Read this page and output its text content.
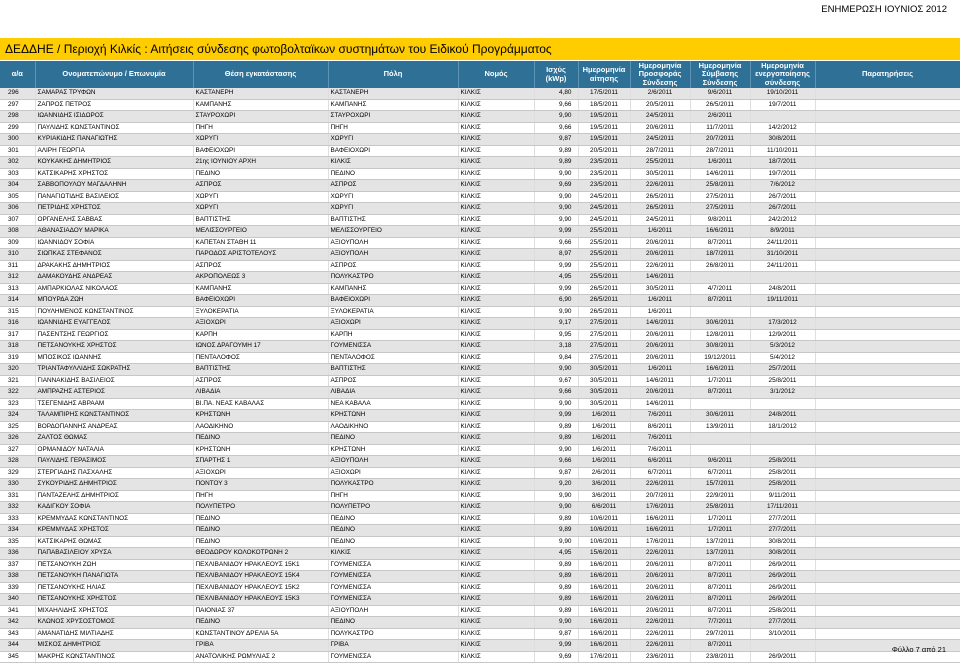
ΕΝΗΜΕΡΩΣΗ ΙΟΥΝΙΟΣ 2012
ΔΕΔΔΗΕ / Περιοχή Κιλκίς : Αιτήσεις σύνδεσης φωτοβολταϊκων συστημάτων του Ειδικού Προγράμματος
α/α	Ονοματεπώνυμο / Επωνυμία	Θέση εγκατάστασης	Πόλη	Νομός	Ισχύς (kWp)	Ημερομηνία αίτησης	Ημερομηνία Προσφοράς Σύνδεσης	Ημερομηνία Σύμβασης Σύνδεσης	Ημερομηνία ενεργοποίησης σύνδεσης	Παρατηρήσεις
296	ΣΑΜΑΡΑΣ ΤΡΥΦΩΝ	ΚΑΣΤΑΝΕΡΗ	ΚΑΣΤΑΝΕΡΗ	ΚΙΛΚΙΣ	4,80	17/5/2011	2/6/2011	9/6/2011	19/10/2011	
297	ΖΑΠΡΟΣ ΠΕΤΡΟΣ	ΚΑΜΠΑΝΗΣ	ΚΑΜΠΑΝΗΣ	ΚΙΛΚΙΣ	9,66	18/5/2011	20/5/2011	26/5/2011	19/7/2011	
298	ΙΩΑΝΝΙΔΗΣ ΙΣΙΔΩΡΟΣ	ΣΤΑΥΡΟΧΩΡΙ	ΣΤΑΥΡΟΧΩΡΙ	ΚΙΛΚΙΣ	9,90	19/5/2011	24/5/2011	2/6/2011		
299	ΠΑΥΛΙΔΗΣ ΚΩΝΣΤΑΝΤΙΝΟΣ	ΠΗΓΗ	ΠΗΓΗ	ΚΙΛΚΙΣ	9,66	19/5/2011	20/6/2011	11/7/2011	14/2/2012	
300	ΚΥΡΙΑΚΙΔΗΣ ΠΑΝΑΓΙΩΤΗΣ	ΧΩΡΥΓΙ	ΧΩΡΥΓΙ	ΚΙΛΚΙΣ	9,87	19/5/2011	24/5/2011	20/7/2011	30/8/2011	
301	ΑΛΙΡΗ ΓΕΩΡΓΙΑ	ΒΑΦΕΙΟΧΩΡΙ	ΒΑΦΕΙΟΧΩΡΙ	ΚΙΛΚΙΣ	9,89	20/5/2011	28/7/2011	28/7/2011	11/10/2011	
302	ΚΟΥΚΑΚΗΣ ΔΗΜΗΤΡΙΟΣ	21ης ΙΟΥΝΙΟΥ ΑΡΧΗ	ΚΙΛΚΙΣ	ΚΙΛΚΙΣ	9,89	23/5/2011	25/5/2011	1/6/2011	18/7/2011	
303	ΚΑΤΣΙΚΑΡΗΣ ΧΡΗΣΤΟΣ	ΠΕΔΙΝΟ	ΠΕΔΙΝΟ	ΚΙΛΚΙΣ	9,90	23/5/2011	30/5/2011	14/6/2011	19/7/2011	
304	ΣΑΒΒΟΠΟΥΛΟΥ ΜΑΓΔΑΛΗΝΗ	ΑΣΠΡΟΣ	ΑΣΠΡΟΣ	ΚΙΛΚΙΣ	9,69	23/5/2011	22/6/2011	25/8/2011	7/6/2012	
305	ΠΑΝΑΓΙΩΤΙΔΗΣ ΒΑΣΙΛΕΙΟΣ	ΧΩΡΥΓΙ	ΧΩΡΥΓΙ	ΚΙΛΚΙΣ	9,90	24/5/2011	26/5/2011	27/5/2011	26/7/2011	
306	ΠΕΤΡΙΔΗΣ ΧΡΗΣΤΟΣ	ΧΩΡΥΓΙ	ΧΩΡΥΓΙ	ΚΙΛΚΙΣ	9,90	24/5/2011	26/5/2011	27/5/2011	26/7/2011	
307	ΟΡΓΑΝΕΛΗΣ ΣΑΒΒΑΣ	ΒΑΠΤΙΣΤΗΣ	ΒΑΠΤΙΣΤΗΣ	ΚΙΛΚΙΣ	9,90	24/5/2011	24/5/2011	9/8/2011	24/2/2012	
308	ΑΘΑΝΑΣΙΑΔΟΥ ΜΑΡΙΚΑ	ΜΕΛΙΣΣΟΥΡΓΕΙΟ	ΜΕΛΙΣΣΟΥΡΓΕΙΟ	ΚΙΛΚΙΣ	9,99	25/5/2011	1/6/2011	16/6/2011	8/9/2011	
309	ΙΩΑΝΝΙΔΟΥ ΣΟΦΙΑ	ΚΑΠΕΤΑΝ ΣΤΑΘΗ 11	ΑΞΙΟΥΠΟΛΗ	ΚΙΛΚΙΣ	9,66	25/5/2011	20/6/2011	8/7/2011	24/11/2011	
310	ΣΙΩΠΚΑΣ ΣΤΕΦΑΝΟΣ	ΠΑΡΟΔΟΣ ΑΡΙΣΤΟΤΕΛΟΥΣ	ΑΞΙΟΥΠΟΛΗ	ΚΙΛΚΙΣ	8,97	25/5/2011	20/6/2011	18/7/2011	31/10/2011	
311	ΔΡΑΚΑΚΗΣ ΔΗΜΗΤΡΙΟΣ	ΑΣΠΡΟΣ	ΑΣΠΡΟΣ	ΚΙΛΚΙΣ	9,99	25/5/2011	22/6/2011	26/8/2011	24/11/2011	
312	ΔΑΜΑΚΟΥΔΗΣ ΑΝΔΡΕΑΣ	ΑΚΡΟΠΟΛΕΩΣ 3	ΠΟΛΥΚΑΣΤΡΟ	ΚΙΛΚΙΣ	4,95	25/5/2011	14/6/2011			
313	ΑΜΠΑΡΚΙΟΛΑΣ ΝΙΚΟΛΑΟΣ	ΚΑΜΠΑΝΗΣ	ΚΑΜΠΑΝΗΣ	ΚΙΛΚΙΣ	9,99	26/5/2011	30/5/2011	4/7/2011	24/8/2011	
314	ΜΠΟΥΡΔΑ ΖΩΗ	ΒΑΦΕΙΟΧΩΡΙ	ΒΑΦΕΙΟΧΩΡΙ	ΚΙΛΚΙΣ	6,90	26/5/2011	1/6/2011	8/7/2011	19/11/2011	
315	ΠΟΥΛΗΜΕΝΟΣ ΚΩΝΣΤΑΝΤΙΝΟΣ	ΞΥΛΟΚΕΡΑΤΙΑ	ΞΥΛΟΚΕΡΑΤΙΑ	ΚΙΛΚΙΣ	9,90	26/5/2011	1/6/2011			
316	ΙΩΑΝΝΙΔΗΣ ΕΥΑΓΓΕΛΟΣ	ΑΞΙΟΧΩΡΙ	ΑΞΙΟΧΩΡΙ	ΚΙΛΚΙΣ	9,17	27/5/2011	14/6/2011	30/6/2011	17/3/2012	
317	ΠΑΣΕΝΤΣΗΣ ΓΕΩΡΓΙΟΣ	ΚΑΡΠΗ	ΚΑΡΠΗ	ΚΙΛΚΙΣ	9,95	27/5/2011	20/6/2011	12/8/2011	12/9/2011	
318	ΠΕΤΣΑΝΟΥΚΗΣ ΧΡΗΣΤΟΣ	ΙΩΝΟΣ ΔΡΑΓΟΥΜΗ 17	ΓΟΥΜΕΝΙΣΣΑ	ΚΙΛΚΙΣ	3,18	27/5/2011	20/6/2011	30/8/2011	5/3/2012	
319	ΜΠΟΣΙΚΟΣ ΙΩΑΝΝΗΣ	ΠΕΝΤΑΛΟΦΟΣ	ΠΕΝΤΑΛΟΦΟΣ	ΚΙΛΚΙΣ	9,84	27/5/2011	20/6/2011	19/12/2011	5/4/2012	
320	ΤΡΙΑΝΤΑΦΥΛΛΙΔΗΣ ΣΩΚΡΑΤΗΣ	ΒΑΠΤΙΣΤΗΣ	ΒΑΠΤΙΣΤΗΣ	ΚΙΛΚΙΣ	9,90	30/5/2011	1/6/2011	16/6/2011	25/7/2011	
321	ΓΙΑΝΝΑΚΙΔΗΣ ΒΑΣΙΛΕΙΟΣ	ΑΣΠΡΟΣ	ΑΣΠΡΟΣ	ΚΙΛΚΙΣ	9,67	30/5/2011	14/6/2011	1/7/2011	25/8/2011	
322	ΑΜΠΡΑΖΗΣ ΑΣΤΕΡΙΟΣ	ΛΙΒΑΔΙΑ	ΛΙΒΑΔΙΑ	ΚΙΛΚΙΣ	9,66	30/5/2011	20/6/2011	8/7/2011	3/1/2012	
323	ΤΣΕΓΕΝΙΔΗΣ ΑΒΡΑΑΜ	ΒΙ.ΠΑ. ΝΕΑΣ ΚΑΒΑΛΑΣ	ΝΕΑ ΚΑΒΑΛΑ	ΚΙΛΚΙΣ	9,90	30/5/2011	14/6/2011			
324	ΤΑΛΑΜΠΙΡΗΣ ΚΩΝΣΤΑΝΤΙΝΟΣ	ΚΡΗΣΤΩΝΗ	ΚΡΗΣΤΩΝΗ	ΚΙΛΚΙΣ	9,99	1/6/2011	7/6/2011	30/6/2011	24/8/2011	
325	ΒΟΡΔΟΠΑΝΝΗΣ ΑΝΔΡΕΑΣ	ΛΑΟΔΙΚΗΝΟ	ΛΑΟΔΙΚΗΝΟ	ΚΙΛΚΙΣ	9,89	1/6/2011	8/6/2011	13/9/2011	18/1/2012	
326	ΖΑΛΤΟΣ ΘΩΜΑΣ	ΠΕΔΙΝΟ	ΠΕΔΙΝΟ	ΚΙΛΚΙΣ	9,89	1/6/2011	7/6/2011			
327	ΟΡΜΑΝΙΔΟΥ ΝΑΤΑΛΙΑ	ΚΡΗΣΤΩΝΗ	ΚΡΗΣΤΩΝΗ	ΚΙΛΚΙΣ	9,90	1/6/2011	7/6/2011			
328	ΠΑΥΛΙΔΗΣ ΓΕΡΑΣΙΜΟΣ	ΣΠΑΡΤΗΣ 1	ΑΞΙΟΥΠΟΛΗ	ΚΙΛΚΙΣ	9,66	1/6/2011	6/6/2011	9/6/2011	25/8/2011	
329	ΣΤΕΡΓΙΑΔΗΣ ΠΑΣΧΑΛΗΣ	ΑΞΙΟΧΩΡΙ	ΑΞΙΟΧΩΡΙ	ΚΙΛΚΙΣ	9,87	2/6/2011	6/7/2011	6/7/2011	25/8/2011	
330	ΣΥΚΟΥΡΙΔΗΣ ΔΗΜΗΤΡΙΟΣ	ΠΟΝΤΟΥ 3	ΠΟΛΥΚΑΣΤΡΟ	ΚΙΛΚΙΣ	9,20	3/6/2011	22/6/2011	15/7/2011	25/8/2011	
331	ΠΑΝΤΑΖΕΛΗΣ ΔΗΜΗΤΡΙΟΣ	ΠΗΓΗ	ΠΗΓΗ	ΚΙΛΚΙΣ	9,90	3/6/2011	20/7/2011	22/9/2011	9/11/2011	
332	ΚΑΔΙΓΚΟΥ ΣΟΦΙΑ	ΠΟΛΥΠΕΤΡΟ	ΠΟΛΥΠΕΤΡΟ	ΚΙΛΚΙΣ	9,90	6/6/2011	17/6/2011	25/8/2011	17/11/2011	
333	ΚΡΕΜΜΥΔΑΣ ΚΩΝΣΤΑΝΤΙΝΟΣ	ΠΕΔΙΝΟ	ΠΕΔΙΝΟ	ΚΙΛΚΙΣ	9,89	10/6/2011	16/6/2011	1/7/2011	27/7/2011	
334	ΚΡΕΜΜΥΔΑΣ ΧΡΗΣΤΟΣ	ΠΕΔΙΝΟ	ΠΕΔΙΝΟ	ΚΙΛΚΙΣ	9,89	10/6/2011	16/6/2011	1/7/2011	27/7/2011	
335	ΚΑΤΣΙΚΑΡΗΣ ΘΩΜΑΣ	ΠΕΔΙΝΟ	ΠΕΔΙΝΟ	ΚΙΛΚΙΣ	9,90	10/6/2011	17/6/2011	13/7/2011	30/8/2011	
336	ΠΑΠΑΒΑΣΙΛΕΙΟΥ ΧΡΥΣΑ	ΘΕΟΔΩΡΟΥ ΚΟΛΟΚΟΤΡΩΝΗ 2	ΚΙΛΚΙΣ	ΚΙΛΚΙΣ	4,95	15/6/2011	22/6/2011	13/7/2011	30/8/2011	
337	ΠΕΤΣΑΝΟΥΚΗ ΖΩΗ	ΠΕΧΛΙΒΑΝΙΔΟΥ ΗΡΑΚΛΕΟΥΣ 15Κ1	ΓΟΥΜΕΝΙΣΣΑ	ΚΙΛΚΙΣ	9,89	16/6/2011	20/6/2011	8/7/2011	26/9/2011	
338	ΠΕΤΣΑΝΟΥΚΗ ΠΑΝΑΓΙΩΤΑ	ΠΕΧΛΙΒΑΝΙΔΟΥ ΗΡΑΚΛΕΟΥΣ 15Κ4	ΓΟΥΜΕΝΙΣΣΑ	ΚΙΛΚΙΣ	9,89	16/6/2011	20/6/2011	8/7/2011	26/9/2011	
339	ΠΕΤΣΑΝΟΥΚΗΣ ΗΛΙΑΣ	ΠΕΧΛΙΒΑΝΙΔΟΥ ΗΡΑΚΛΕΟΥΣ 15Κ2	ΓΟΥΜΕΝΙΣΣΑ	ΚΙΛΚΙΣ	9,89	16/6/2011	20/6/2011	8/7/2011	26/9/2011	
340	ΠΕΤΣΑΝΟΥΚΗΣ ΧΡΗΣΤΟΣ	ΠΕΧΛΙΒΑΝΙΔΟΥ ΗΡΑΚΛΕΟΥΣ 15Κ3	ΓΟΥΜΕΝΙΣΣΑ	ΚΙΛΚΙΣ	9,89	16/6/2011	20/6/2011	8/7/2011	26/9/2011	
341	ΜΙΧΑΗΛΙΔΗΣ ΧΡΗΣΤΟΣ	ΠΑΙΟΝΙΑΣ 37	ΑΞΙΟΥΠΟΛΗ	ΚΙΛΚΙΣ	9,89	16/6/2011	20/6/2011	8/7/2011	25/8/2011	
342	ΚΛΩΝΟΣ ΧΡΥΣΟΣΤΟΜΟΣ	ΠΕΔΙΝΟ	ΠΕΔΙΝΟ	ΚΙΛΚΙΣ	9,90	16/6/2011	22/6/2011	7/7/2011	27/7/2011	
343	ΑΜΑΝΑΤΙΔΗΣ ΜΙΛΤΙΑΔΗΣ	ΚΩΝΣΤΑΝΤΙΝΟΥ ΔΡΕΛΙΑ 5Α	ΠΟΛΥΚΑΣΤΡΟ	ΚΙΛΚΙΣ	9,87	16/6/2011	22/6/2011	29/7/2011	3/10/2011	
344	ΜΙΣΚΟΣ ΔΗΜΗΤΡΙΟΣ	ΓΡΙΒΑ	ΓΡΙΒΑ	ΚΙΛΚΙΣ	9,99	16/6/2011	22/6/2011	8/7/2011		
345	ΜΑΚΡΗΣ ΚΩΝΣΤΑΝΤΙΝΟΣ	ΑΝΑΤΟΛΙΚΗΣ ΡΩΜΥΛΙΑΣ 2	ΓΟΥΜΕΝΙΣΣΑ	ΚΙΛΚΙΣ	9,69	17/6/2011	23/6/2011	23/8/2011	26/9/2011	
Φύλλο 7 από 21
